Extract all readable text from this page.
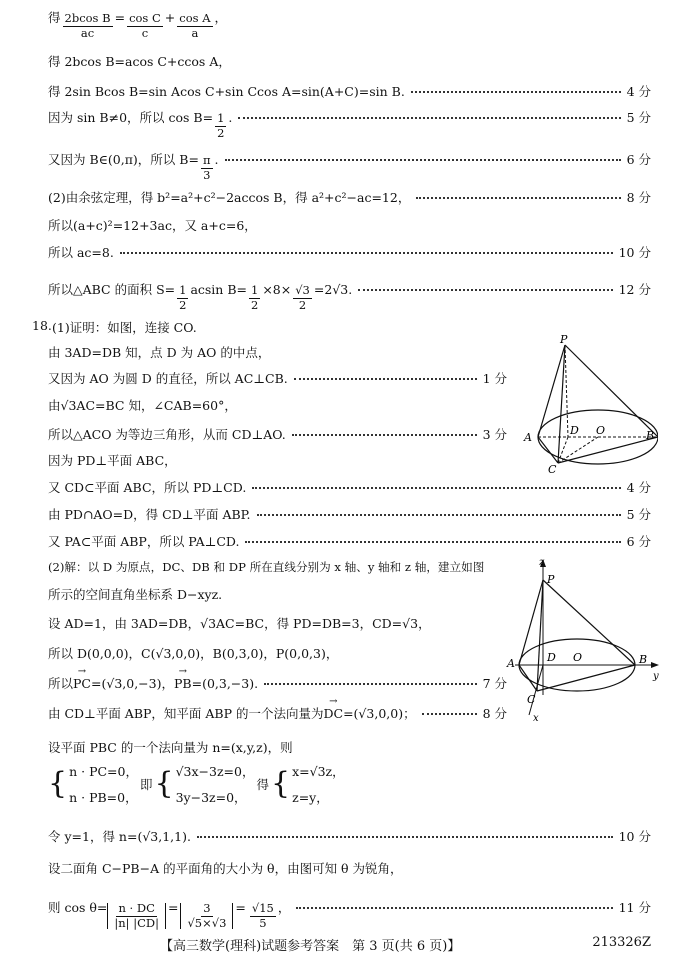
得 $\frac{\text{2bcos B}}{ac} = \frac{\text{cos C}}{c} + \frac{\text{cos A}}{a}$ ，
得 2bcos B=acos C+ccos A，
得 2sin Bcos B=sin Acos C+sin Ccos A=sin(A+C)=sin B.	4 分
因为 sin B≠0，所以 $\cos B= \frac{1}{2}$ .	5 分
又因为 B∈(0,π)，所以 $B= \frac{\pi}{3}$ .	6 分
(2)由余弦定理，得 b²=a²+c²−2accos B，得 a²+c²−ac=12，	8 分
所以(a+c)²=12+3ac，又 a+c=6，
所以 ac=8.	10 分
所以△ABC 的面积 $S= \frac{1}{2}$ acsin $B= \frac{1}{2} \times 8\times \frac{√3}{2} =2√3$.	12 分
18. (1)证明：如图，连接 CO.
由 3AD=DB 知，点 D 为 AO 的中点，
又因为 AO 为圆 D 的直径，所以 AC⊥CB.	1 分
由√3AC=BC 知，∠CAB=60°，
所以△ACO 为等边三角形，从而 CD⊥AO.	3 分
因为 PD⊥平面 ABC，
又 CD⊂平面 ABC，所以 PD⊥CD.	4 分
由 PD∩AO=D，得 CD⊥平面 ABP.	5 分
又 PA⊂平面 ABP，所以 PA⊥CD.	6 分
(2)解：以 D 为原点，DC、DB 和 DP 所在直线分别为 x 轴、y 轴和 z 轴，建立如图
所示的空间直角坐标系 D−xyz.
设 AD=1，由 3AD=DB，√3AC=BC，得 PD=DB=3，CD=√3，
所以 D(0,0,0)，C(√3,0,0)，B(0,3,0)，P(0,0,3)，
所以 → PC =(√3,0,−3)， → PB =(0,3,−3).	7 分
由 CD⊥平面 ABP，知平面 ABP 的一个法向量为 → DC =(√3,0,0)；	8 分
设平面 PBC 的一个法向量为 n=(x,y,z)，则
{ n · PC=0，
n · PB=0，
即 { √3x−3z=0，
3y−3z=0，
得 { x=√3z，
z=y，
令 y=1，得 n=(√3,1,1).	10 分
设二面角 C−PB−A 的平面角的大小为 θ，由图可知 θ 为锐角，
则 $\cos \theta= \frac{n \cdot DC}{|n| |CD|} = \frac{3}{√5\times√3} = \frac{√15}{5}$ ，	11 分
P
A	B
C
D O
z
P
A	B
y
D O
C
x
【高三数学(理科)试题参考答案　第 3 页(共 6 页)】	213326Z
